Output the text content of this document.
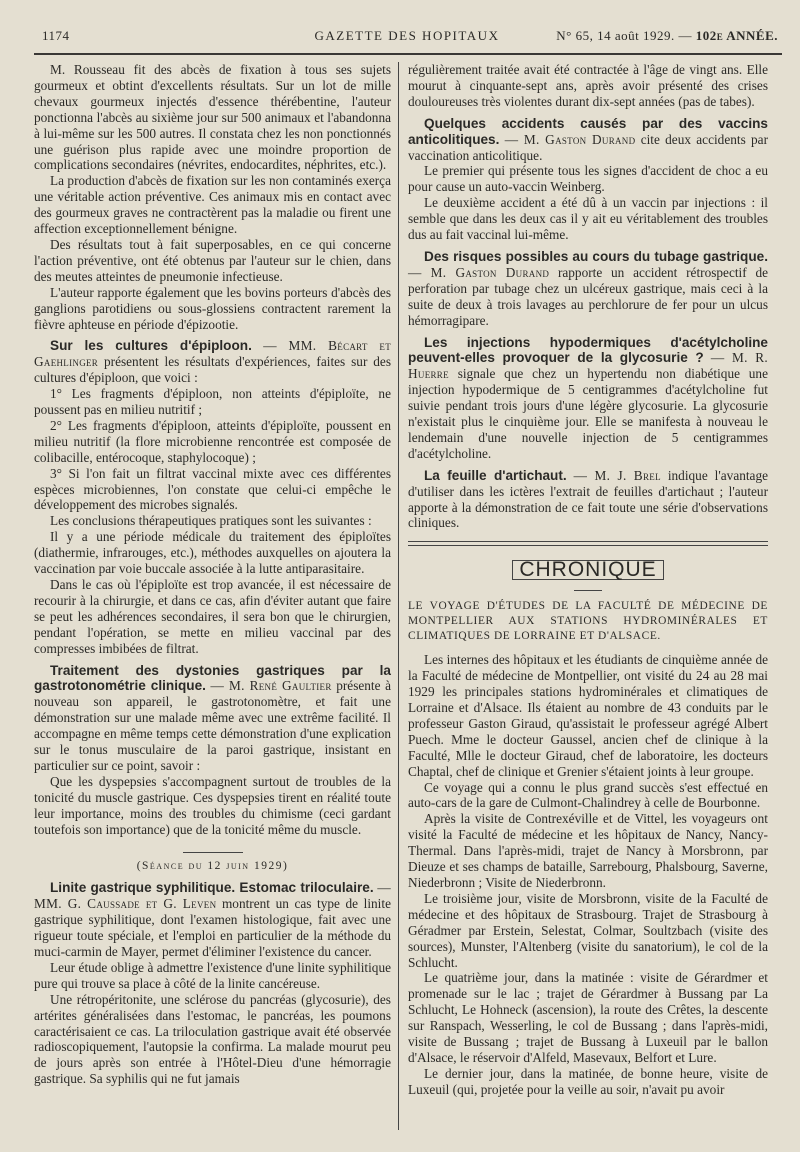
1174	GAZETTE DES HOPITAUX	N° 65, 14 août 1929. — 102e ANNÉE.

M. Rousseau fit des abcès de fixation à tous ses sujets gourmeux et obtint d'excellents résultats. Sur un lot de mille chevaux gourmeux injectés d'essence thérébentine, l'auteur ponctionna l'abcès au sixième jour sur 500 animaux et l'abandonna à lui-même sur les 500 autres. Il constata chez les non ponctionnés une guérison plus rapide avec une moindre proportion de complications secondaires (névrites, endocardites, néphrites, etc.).

La production d'abcès de fixation sur les non contaminés exerça une véritable action préventive. Ces animaux mis en contact avec des gourmeux graves ne contractèrent pas la maladie ou firent une affection exceptionnellement bénigne.

Des résultats tout à fait superposables, en ce qui concerne l'action préventive, ont été obtenus par l'auteur sur le chien, dans des meutes atteintes de pneumonie infectieuse.

L'auteur rapporte également que les bovins porteurs d'abcès des ganglions parotidiens ou sous-glossiens contractent rarement la fièvre aphteuse en période d'épizootie.

Sur les cultures d'épiploon. — MM. Bécart et Gaehlinger présentent les résultats d'expériences, faites sur des cultures d'épiploon, que voici :

1° Les fragments d'épiploon, non atteints d'épiploïte, ne poussent pas en milieu nutritif ;

2° Les fragments d'épiploon, atteints d'épiploïte, poussent en milieu nutritif (la flore microbienne rencontrée est composée de colibacille, entérocoque, staphylocoque) ;

3° Si l'on fait un filtrat vaccinal mixte avec ces différentes espèces microbiennes, l'on constate que celui-ci empêche le développement des microbes signalés.

Les conclusions thérapeutiques pratiques sont les suivantes :

Il y a une période médicale du traitement des épiploïtes (diathermie, infrarouges, etc.), méthodes auxquelles on ajoutera la vaccination par voie buccale associée à la lutte antiparasitaire.

Dans le cas où l'épiploïte est trop avancée, il est nécessaire de recourir à la chirurgie, et dans ce cas, afin d'éviter autant que faire se peut les adhérences secondaires, il sera bon que le chirurgien, pendant l'opération, se mette en milieu vaccinal par des compresses imbibées de filtrat.

Traitement des dystonies gastriques par la gastrotonométrie clinique. — M. René Gaultier présente à nouveau son appareil, le gastrotonomètre, et fait une démonstration sur une malade même avec une extrême facilité. Il accompagne en même temps cette démonstration d'une explication sur le tonus musculaire de la paroi gastrique, insistant en particulier sur ce point, savoir :

Que les dyspepsies s'accompagnent surtout de troubles de la tonicité du muscle gastrique. Ces dyspepsies tirent en réalité toute leur importance, moins des troubles du chimisme (ceci gardant toutefois son importance) que de la tonicité même du muscle.

(Séance du 12 juin 1929)

Linite gastrique syphilitique. Estomac triloculaire. — MM. G. Caussade et G. Leven montrent un cas type de linite gastrique syphilitique, dont l'examen histologique, fait avec une rigueur toute spéciale, et l'emploi en particulier de la méthode du muci-carmin de Mayer, permet d'éliminer l'existence du cancer.

Leur étude oblige à admettre l'existence d'une linite syphilitique pure qui trouve sa place à côté de la linite cancéreuse.

Une rétropéritonite, une sclérose du pancréas (glycosurie), des artérites généralisées dans l'estomac, le pancréas, les poumons caractérisaient ce cas. La triloculation gastrique avait été observée radioscopiquement, l'autopsie la confirma. La malade mourut peu de jours après son entrée à l'Hôtel-Dieu d'une hémorragie gastrique. Sa syphilis qui ne fut jamais

régulièrement traitée avait été contractée à l'âge de vingt ans. Elle mourut à cinquante-sept ans, après avoir présenté des crises douloureuses très violentes durant dix-sept années (pas de tabes).

Quelques accidents causés par des vaccins anticolitiques. — M. Gaston Durand cite deux accidents par vaccination anticolitique.

Le premier qui présente tous les signes d'accident de choc a eu pour cause un auto-vaccin Weinberg.

Le deuxième accident a été dû à un vaccin par injections : il semble que dans les deux cas il y ait eu véritablement des troubles dus au fait vaccinal lui-même.

Des risques possibles au cours du tubage gastrique. — M. Gaston Durand rapporte un accident rétrospectif de perforation par tubage chez un ulcéreux gastrique, mais ceci à la suite de deux à trois lavages au perchlorure de fer pour un ulcus hémorragipare.

Les injections hypodermiques d'acétylcholine peuvent-elles provoquer de la glycosurie ? — M. R. Huerre signale que chez un hypertendu non diabétique une injection hypodermique de 5 centigrammes d'acétylcholine fut suivie pendant trois jours d'une légère glycosurie. La glycosurie n'existait plus le cinquième jour. Elle se manifesta à nouveau le lendemain d'une nouvelle injection de 5 centigrammes d'acétylcholine.

La feuille d'artichaut. — M. J. Brel indique l'avantage d'utiliser dans les ictères l'extrait de feuilles d'artichaut ; l'auteur apporte à la démonstration de ce fait toute une série d'observations cliniques.

CHRONIQUE

LE VOYAGE D'ÉTUDES DE LA FACULTÉ DE MÉDECINE DE MONTPELLIER AUX STATIONS HYDROMINÉRALES ET CLIMATIQUES DE LORRAINE ET D'ALSACE.

Les internes des hôpitaux et les étudiants de cinquième année de la Faculté de médecine de Montpellier, ont visité du 24 au 28 mai 1929 les principales stations hydrominérales et climatiques de Lorraine et d'Alsace. Ils étaient au nombre de 43 conduits par le professeur Gaston Giraud, qu'assistait le professeur agrégé Albert Puech. Mme le docteur Gaussel, ancien chef de clinique à la Faculté, Mlle le docteur Giraud, chef de laboratoire, les docteurs Chaptal, chef de clinique et Grenier s'étaient joints à leur groupe.

Ce voyage qui a connu le plus grand succès s'est effectué en auto-cars de la gare de Culmont-Chalindrey à celle de Bourbonne.

Après la visite de Contrexéville et de Vittel, les voyageurs ont visité la Faculté de médecine et les hôpitaux de Nancy, Nancy-Thermal. Dans l'après-midi, trajet de Nancy à Morsbronn, par Dieuze et ses champs de bataille, Sarrebourg, Phalsbourg, Saverne, Niederbronn ; Visite de Niederbronn.

Le troisième jour, visite de Morsbronn, visite de la Faculté de médecine et des hôpitaux de Strasbourg. Trajet de Strasbourg à Géradmer par Erstein, Selestat, Colmar, Soultzbach (visite des sources), Munster, l'Altenberg (visite du sanatorium), le col de la Schlucht.

Le quatrième jour, dans la matinée : visite de Gérardmer et promenade sur le lac ; trajet de Gérardmer à Bussang par La Schlucht, Le Hohneck (ascension), la route des Crêtes, la descente sur Ranspach, Wesserling, le col de Bussang ; dans l'après-midi, visite de Bussang ; trajet de Bussang à Luxeuil par le ballon d'Alsace, le réservoir d'Alfeld, Masevaux, Belfort et Lure.

Le dernier jour, dans la matinée, de bonne heure, visite de Luxeuil (qui, projetée pour la veille au soir, n'avait pu avoir
